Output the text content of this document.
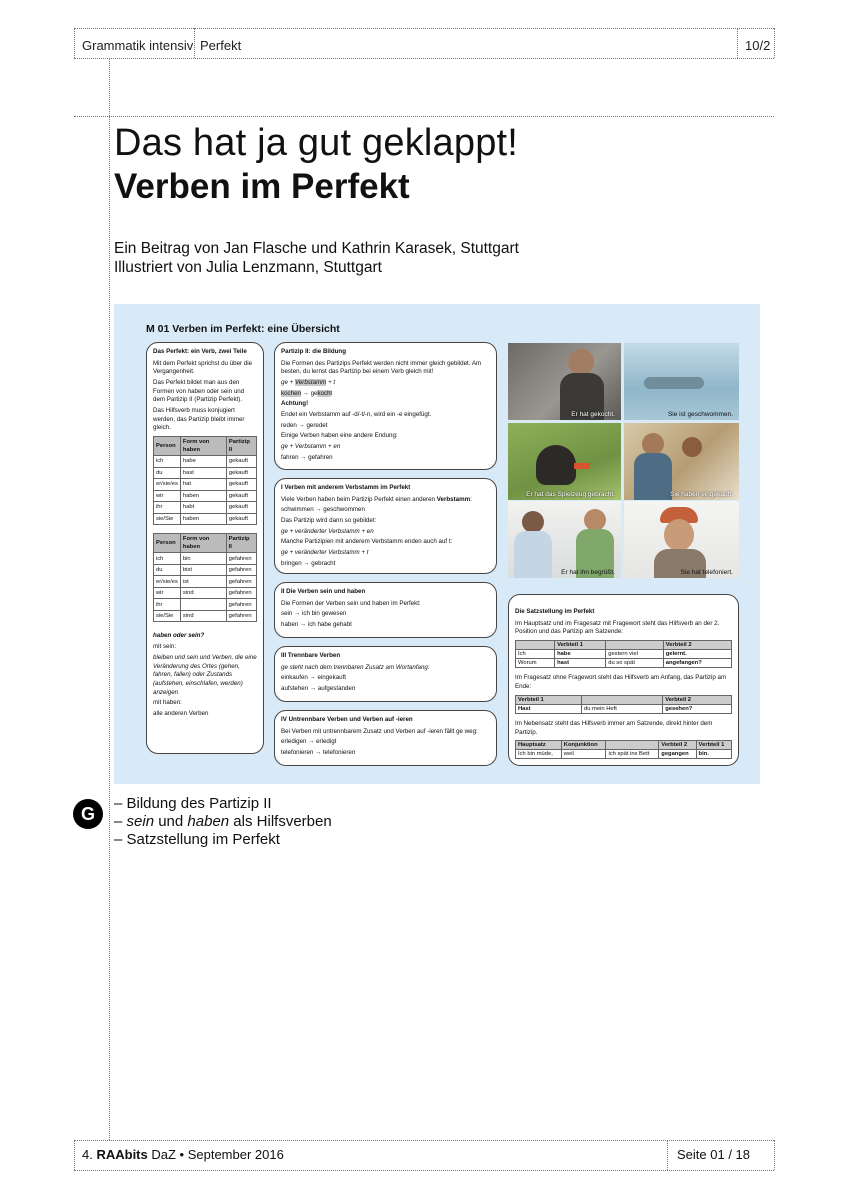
Grammatik intensiv Perfekt	10/2
Das hat ja gut geklappt!
Verben im Perfekt
Ein Beitrag von Jan Flasche und Kathrin Karasek, Stuttgart
Illustriert von Julia Lenzmann, Stuttgart
M 01 Verben im Perfekt: eine Übersicht
Das Perfekt: ein Verb, zwei Teile

Mit dem Perfekt sprichst du über die Vergangenheit.

Das Perfekt bildet man aus den Formen von haben oder sein und dem Partizip II (Partizip Perfekt).

Das Hilfsverb muss konjugiert werden, das Partizip bleibt immer gleich.

Person	Form von haben	Partizip II
ich	habe	gekauft
du	hast	gekauft
er/sie/es	hat	gekauft
wir	haben	gekauft
ihr	habt	gekauft
sie/Sie	haben	gekauft
Person	Form von haben	Partizip II
ich	bin	gefahren
du	bist	gefahren
er/sie/es	ist	gefahren
wir	sind	gefahren
ihr		gefahren
sie/Sie	sind	gefahren

haben oder sein?

mit sein:

bleiben und sein und Verben, die eine Veränderung des Ortes (gehen, fahren, fallen) oder Zustands (aufstehen, einschlafen, werden) anzeigen

mit haben:

alle anderen Verben

Partizip II: die Bildung

Die Formen des Partizips Perfekt werden nicht immer gleich gebildet. Am besten, du lernst das Partizip bei einem Verb gleich mit!

ge + Verbstamm + t

kochen → gekocht

Achtung!

Endet ein Verbstamm auf -d/-t/-n, wird ein -e eingefügt.

reden → geredet

Einige Verben haben eine andere Endung:

ge + Verbstamm + en

fahren → gefahren

I Verben mit anderem Verbstamm im Perfekt

Viele Verben haben beim Partizip Perfekt einen anderen Verbstamm:

schwimmen → geschwommen

Das Partizip wird dann so gebildet:

ge + veränderter Verbstamm + en

Manche Partizipien mit anderem Verbstamm enden auch auf t:

ge + veränderter Verbstamm + t

bringen → gebracht

II Die Verben sein und haben

Die Formen der Verben sein und haben im Perfekt:

sein → ich bin gewesen

haben → ich habe gehabt

III Trennbare Verben

ge steht nach dem trennbaren Zusatz am Wortanfang:

einkaufen → eingekauft

aufstehen → aufgestanden

IV Untrennbare Verben und Verben auf -ieren

Bei Verben mit untrennbarem Zusatz und Verben auf -ieren fällt ge weg:

erledigen → erledigt

telefonieren → telefonieren

Er hat gekocht.	Sie ist geschwommen.
Er hat das Spielzeug gebracht.	Sie haben eingekauft.
Er hat ihn begrüßt.	Sie hat telefoniert.
Die Satzstellung im Perfekt

Im Hauptsatz und im Fragesatz mit Fragewort steht das Hilfsverb an der 2. Position und das Partizip am Satzende:

	Verbteil 1		Verbteil 2
Ich	habe	gestern viel	gelernt.
Worum	hast	du so spät	angefangen?

Im Fragesatz ohne Fragewort steht das Hilfsverb am Anfang, das Partizip am Ende:

Verbteil 1		Verbteil 2
Hast	du mein Heft	gesehen?

Im Nebensatz steht das Hilfsverb immer am Satzende, direkt hinter dem Partizip.

Hauptsatz	Konjunktion		Verbteil 2	Verbteil 1
Ich bin müde,	weil	ich spät ins Bett	gegangen	bin.
G
– Bildung des Partizip II
– sein und haben als Hilfsverben
– Satzstellung im Perfekt
4. RAAbits DaZ • September 2016	Seite 01 / 18
